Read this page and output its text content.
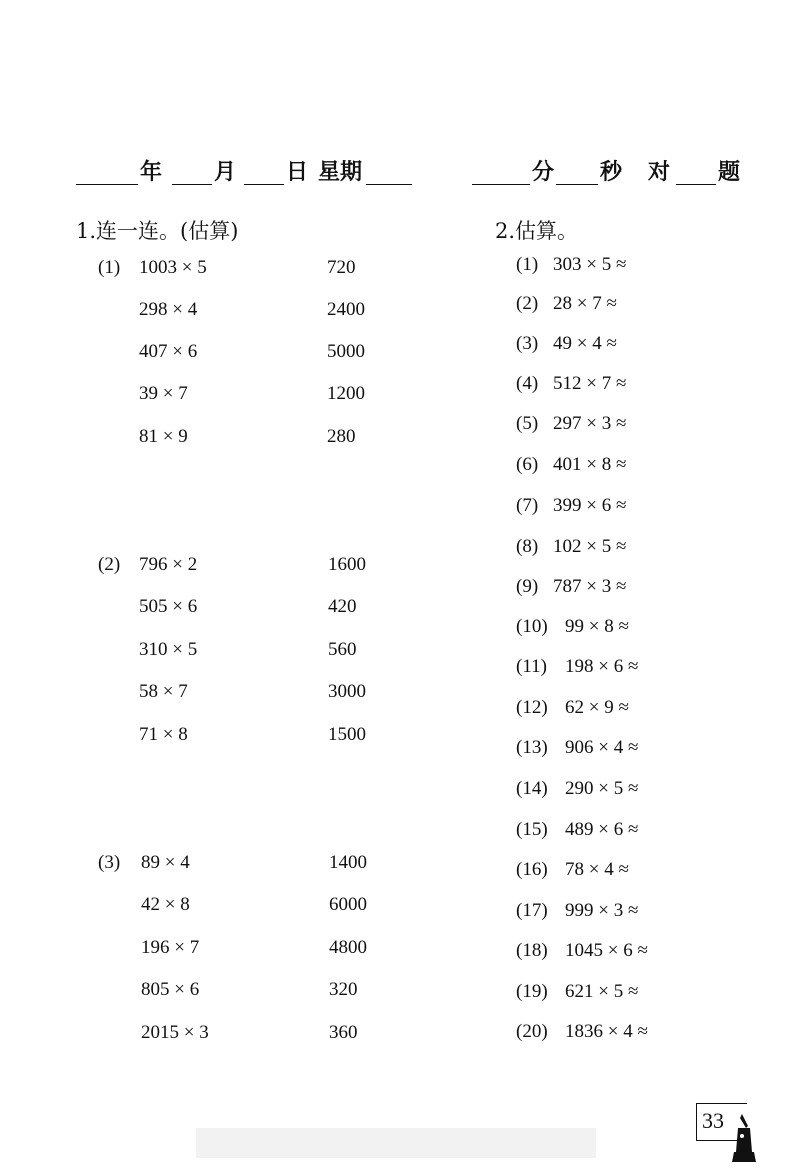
年 月 日 星期	分 秒 对 题
1.连一连。(估算)
(1) 1003 × 5
298 × 4
407 × 6
39 × 7
81 × 9
720
2400
5000
1200
280
(2) 796 × 2
505 × 6
310 × 5
58 × 7
71 × 8
1600
420
560
3000
1500
(3) 89 × 4
42 × 8
196 × 7
805 × 6
2015 × 3
1400
6000
4800
320
360
2.估算。
(1) 303 × 5 ≈
(2) 28 × 7 ≈
(3) 49 × 4 ≈
(4) 512 × 7 ≈
(5) 297 × 3 ≈
(6) 401 × 8 ≈
(7) 399 × 6 ≈
(8) 102 × 5 ≈
(9) 787 × 3 ≈
(10) 99 × 8 ≈
(11) 198 × 6 ≈
(12) 62 × 9 ≈
(13) 906 × 4 ≈
(14) 290 × 5 ≈
(15) 489 × 6 ≈
(16) 78 × 4 ≈
(17) 999 × 3 ≈
(18) 1045 × 6 ≈
(19) 621 × 5 ≈
(20) 1836 × 4 ≈
33
